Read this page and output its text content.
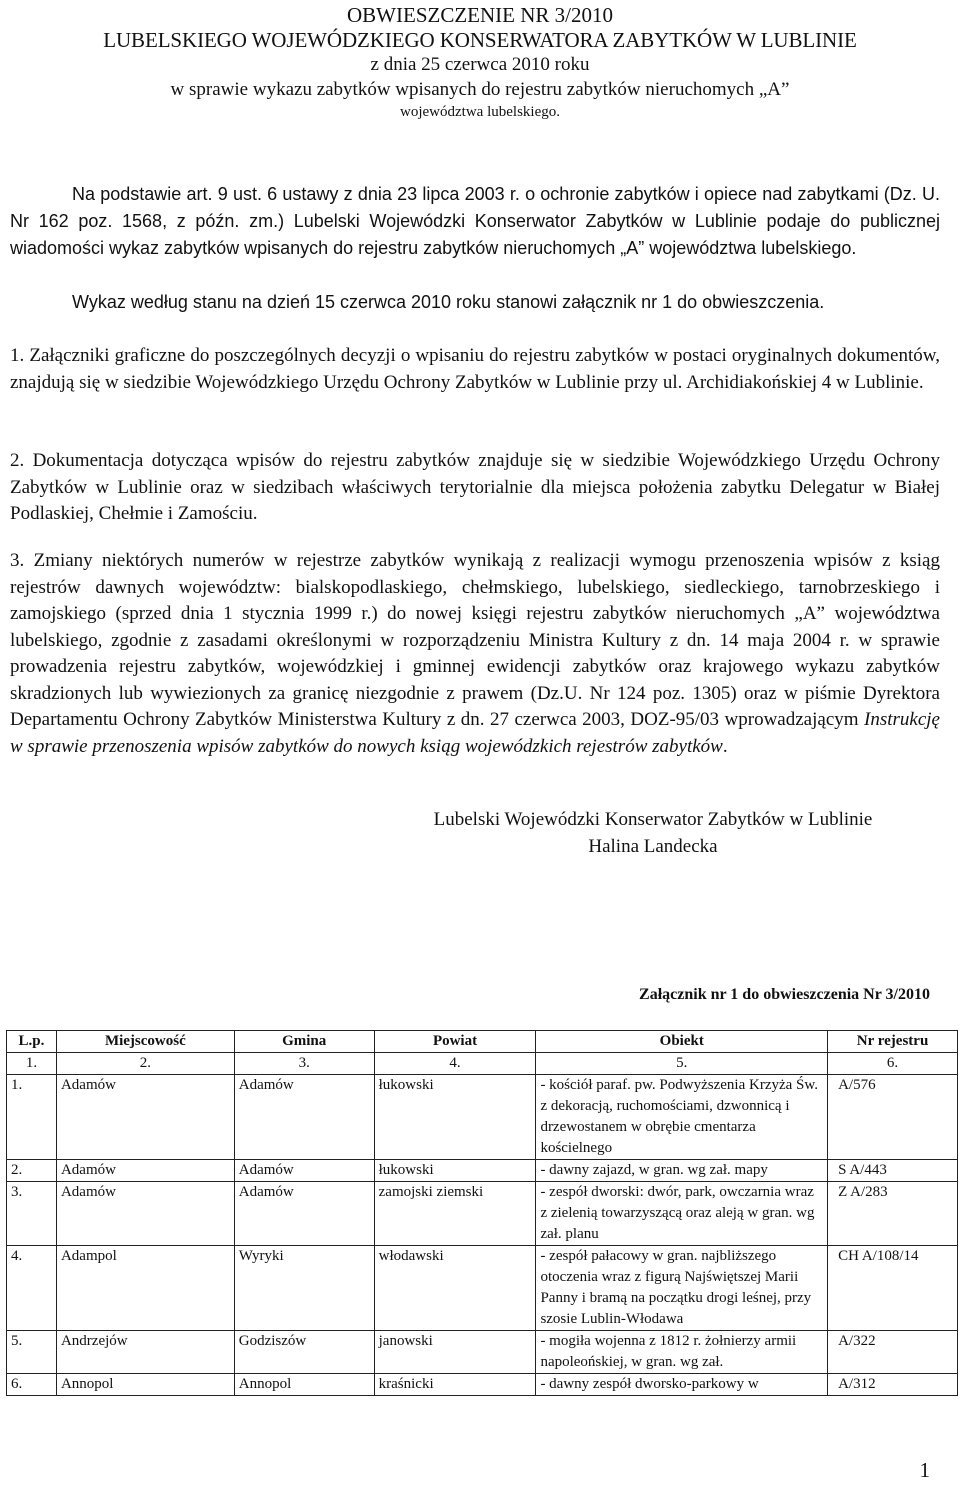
OBWIESZCZENIE NR 3/2010
LUBELSKIEGO WOJEWÓDZKIEGO KONSERWATORA ZABYTKÓW W LUBLINIE
z dnia 25 czerwca 2010 roku
w sprawie wykazu zabytków wpisanych do rejestru zabytków nieruchomych „A”
województwa lubelskiego.
Na podstawie art. 9 ust. 6 ustawy z dnia 23 lipca 2003 r. o ochronie zabytków i opiece nad zabytkami (Dz. U. Nr 162 poz. 1568, z późn. zm.) Lubelski Wojewódzki Konserwator Zabytków w Lublinie podaje do publicznej wiadomości wykaz zabytków wpisanych do rejestru zabytków nieruchomych „A” województwa lubelskiego.
Wykaz według stanu na dzień 15 czerwca 2010 roku stanowi załącznik nr 1 do obwieszczenia.
1. Załączniki graficzne do poszczególnych decyzji o wpisaniu do rejestru zabytków w postaci oryginalnych dokumentów, znajdują się w siedzibie Wojewódzkiego Urzędu Ochrony Zabytków w Lublinie przy ul. Archidiakońskiej 4 w Lublinie.
2. Dokumentacja dotycząca wpisów do rejestru zabytków znajduje się w siedzibie Wojewódzkiego Urzędu Ochrony Zabytków w Lublinie oraz w siedzibach właściwych terytorialnie dla miejsca położenia zabytku Delegatur w Białej Podlaskiej, Chełmie i Zamościu.
3. Zmiany niektórych numerów w rejestrze zabytków wynikają z realizacji wymogu przenoszenia wpisów z ksiąg rejestrów dawnych województw: bialskopodlaskiego, chełmskiego, lubelskiego, siedleckiego, tarnobrzeskiego i zamojskiego (sprzed dnia 1 stycznia 1999 r.) do nowej księgi rejestru zabytków nieruchomych „A” województwa lubelskiego, zgodnie z zasadami określonymi w rozporządzeniu Ministra Kultury z dn. 14 maja 2004 r. w sprawie prowadzenia rejestru zabytków, wojewódzkiej i gminnej ewidencji zabytków oraz krajowego wykazu zabytków skradzionych lub wywiezionych za granicę niezgodnie z prawem (Dz.U. Nr 124 poz. 1305) oraz w piśmie Dyrektora Departamentu Ochrony Zabytków Ministerstwa Kultury z dn. 27 czerwca 2003, DOZ-95/03 wprowadzającym Instrukcję w sprawie przenoszenia wpisów zabytków do nowych ksiąg wojewódzkich rejestrów zabytków.
Lubelski Wojewódzki Konserwator Zabytków w Lublinie
Halina Landecka
Załącznik nr 1 do obwieszczenia Nr 3/2010
L.p.	Miejscowość	Gmina	Powiat	Obiekt	Nr rejestru
1.	2.	3.	4.	5.	6.
1.	Adamów	Adamów	łukowski	- kościół paraf. pw. Podwyższenia Krzyża Św. z dekoracją, ruchomościami, dzwonnicą i drzewostanem w obrębie cmentarza kościelnego	A/576
2.	Adamów	Adamów	łukowski	- dawny zajazd, w gran. wg zał. mapy	S A/443
3.	Adamów	Adamów	zamojski ziemski	- zespół dworski: dwór, park, owczarnia wraz z zielenią towarzyszącą oraz aleją w gran. wg zał. planu	Z A/283
4.	Adampol	Wyryki	włodawski	- zespół pałacowy w gran. najbliższego otoczenia wraz z figurą Najświętszej Marii Panny i bramą na początku drogi leśnej, przy szosie Lublin-Włodawa	CH A/108/14
5.	Andrzejów	Godziszów	janowski	- mogiła wojenna z 1812 r. żołnierzy armii napoleońskiej, w gran. wg zał.	A/322
6.	Annopol	Annopol	kraśnicki	- dawny zespół dworsko-parkowy w	A/312
1
